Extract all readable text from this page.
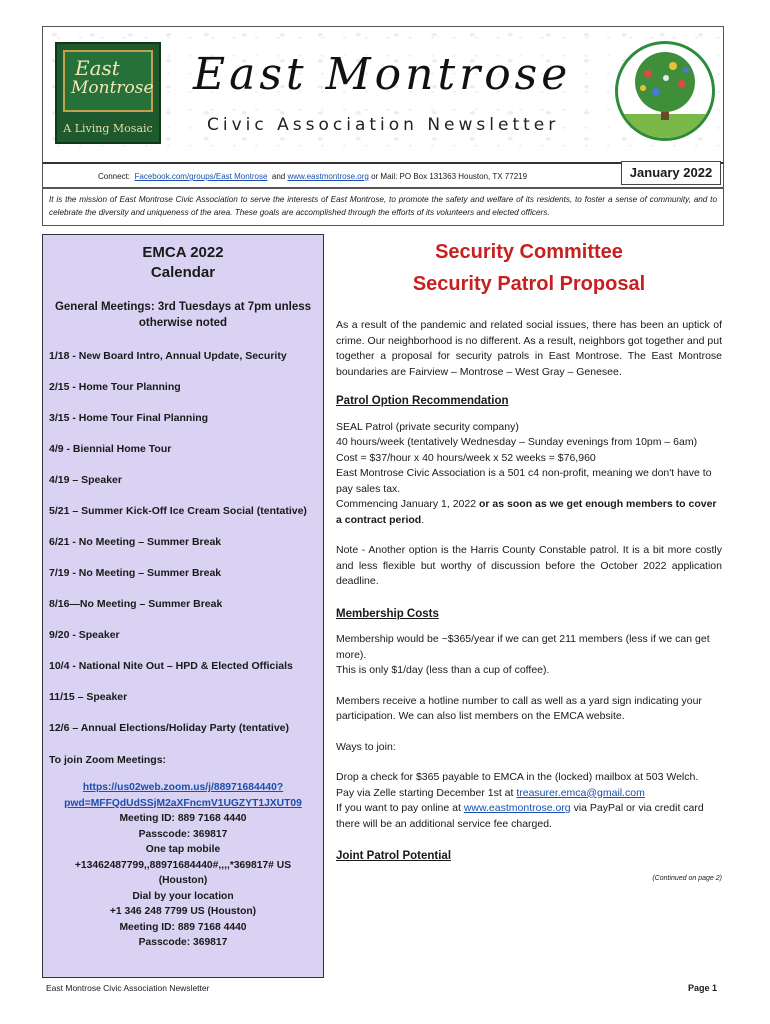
East
Montrose
A Living Mosaic
East Montrose
Civic Association Newsletter
Connect: Facebook.com/groups/East Montrose and www.eastmontrose.org or Mail: PO Box 131363 Houston, TX 77219	January 2022
It is the mission of East Montrose Civic Association to serve the interests of East Montrose, to promote the safety and welfare of its residents, to foster a sense of community, and to celebrate the diversity and uniqueness of the area. These goals are accomplished through the efforts of its volunteers and elected officers.
EMCA 2022
Calendar
General Meetings: 3rd Tuesdays at 7pm unless otherwise noted
1/18 - New Board Intro, Annual Update, Security
2/15 - Home Tour Planning
3/15 - Home Tour Final Planning
4/9 - Biennial Home Tour
4/19 – Speaker
5/21 – Summer Kick-Off Ice Cream Social (tentative)
6/21 - No Meeting – Summer Break
7/19 - No Meeting – Summer Break
8/16—No Meeting – Summer Break
9/20 - Speaker
10/4 - National Nite Out – HPD & Elected Officials
11/15 – Speaker
12/6 – Annual Elections/Holiday Party (tentative)
To join Zoom Meetings:
https://us02web.zoom.us/j/88971684440?
pwd=MFFQdUdSSjM2aXFncmV1UGZYT1JXUT09
Meeting ID: 889 7168 4440
Passcode: 369817
One tap mobile
+13462487799,,88971684440#,,,,*369817# US
(Houston)
Dial by your location
+1 346 248 7799 US (Houston)
Meeting ID: 889 7168 4440
Passcode: 369817
Security Committee
Security Patrol Proposal

As a result of the pandemic and related social issues, there has been an uptick of crime. Our neighborhood is no different. As a result, neighbors got together and put together a proposal for security patrols in East Montrose. The East Montrose boundaries are Fairview – Montrose – West Gray – Genesee.

Patrol Option Recommendation

SEAL Patrol (private security company)

40 hours/week (tentatively Wednesday – Sunday evenings from 10pm – 6am)

Cost = $37/hour x 40 hours/week x 52 weeks = $76,960

East Montrose Civic Association is a 501 c4 non-profit, meaning we don't have to pay sales tax.

Commencing January 1, 2022 or as soon as we get enough members to cover a contract period.

Note - Another option is the Harris County Constable patrol. It is a bit more costly and less flexible but worthy of discussion before the October 2022 application deadline.

Membership Costs

Membership would be ~$365/year if we can get 211 members (less if we can get more).

This is only $1/day (less than a cup of coffee).

Members receive a hotline number to call as well as a yard sign indicating your participation. We can also list members on the EMCA website.

Ways to join:

Drop a check for $365 payable to EMCA in the (locked) mailbox at 503 Welch.

Pay via Zelle starting December 1st at treasurer.emca@gmail.com

If you want to pay online at www.eastmontrose.org via PayPal or via credit card there will be an additional service fee charged.

Joint Patrol Potential
(Continued on page 2)
East Montrose Civic Association Newsletter	Page 1
